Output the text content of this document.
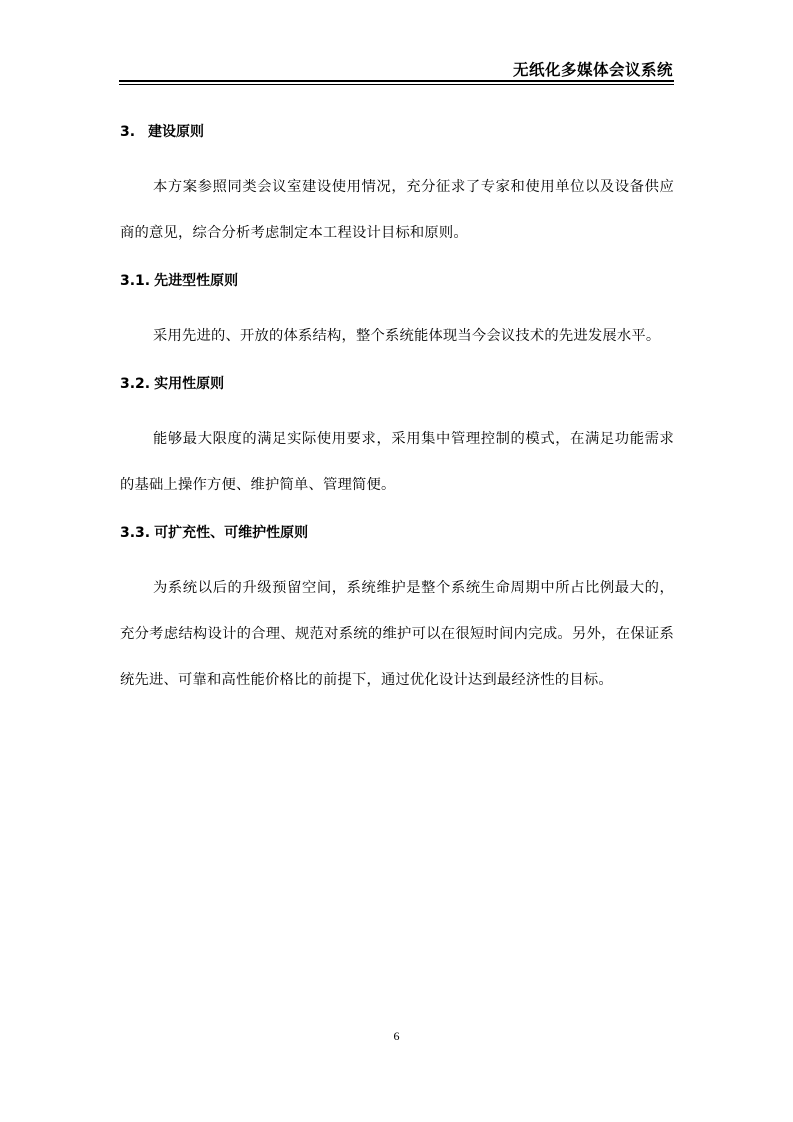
无纸化多媒体会议系统
3. 建设原则
本方案参照同类会议室建设使用情况，充分征求了专家和使用单位以及设备供应商的意见，综合分析考虑制定本工程设计目标和原则。
3.1. 先进型性原则
采用先进的、开放的体系结构，整个系统能体现当今会议技术的先进发展水平。
3.2. 实用性原则
能够最大限度的满足实际使用要求，采用集中管理控制的模式，在满足功能需求的基础上操作方便、维护简单、管理简便。
3.3. 可扩充性、可维护性原则
为系统以后的升级预留空间，系统维护是整个系统生命周期中所占比例最大的， 充分考虑结构设计的合理、规范对系统的维护可以在很短时间内完成。另外，在保证系统先进、可靠和高性能价格比的前提下，通过优化设计达到最经济性的目标。
6
